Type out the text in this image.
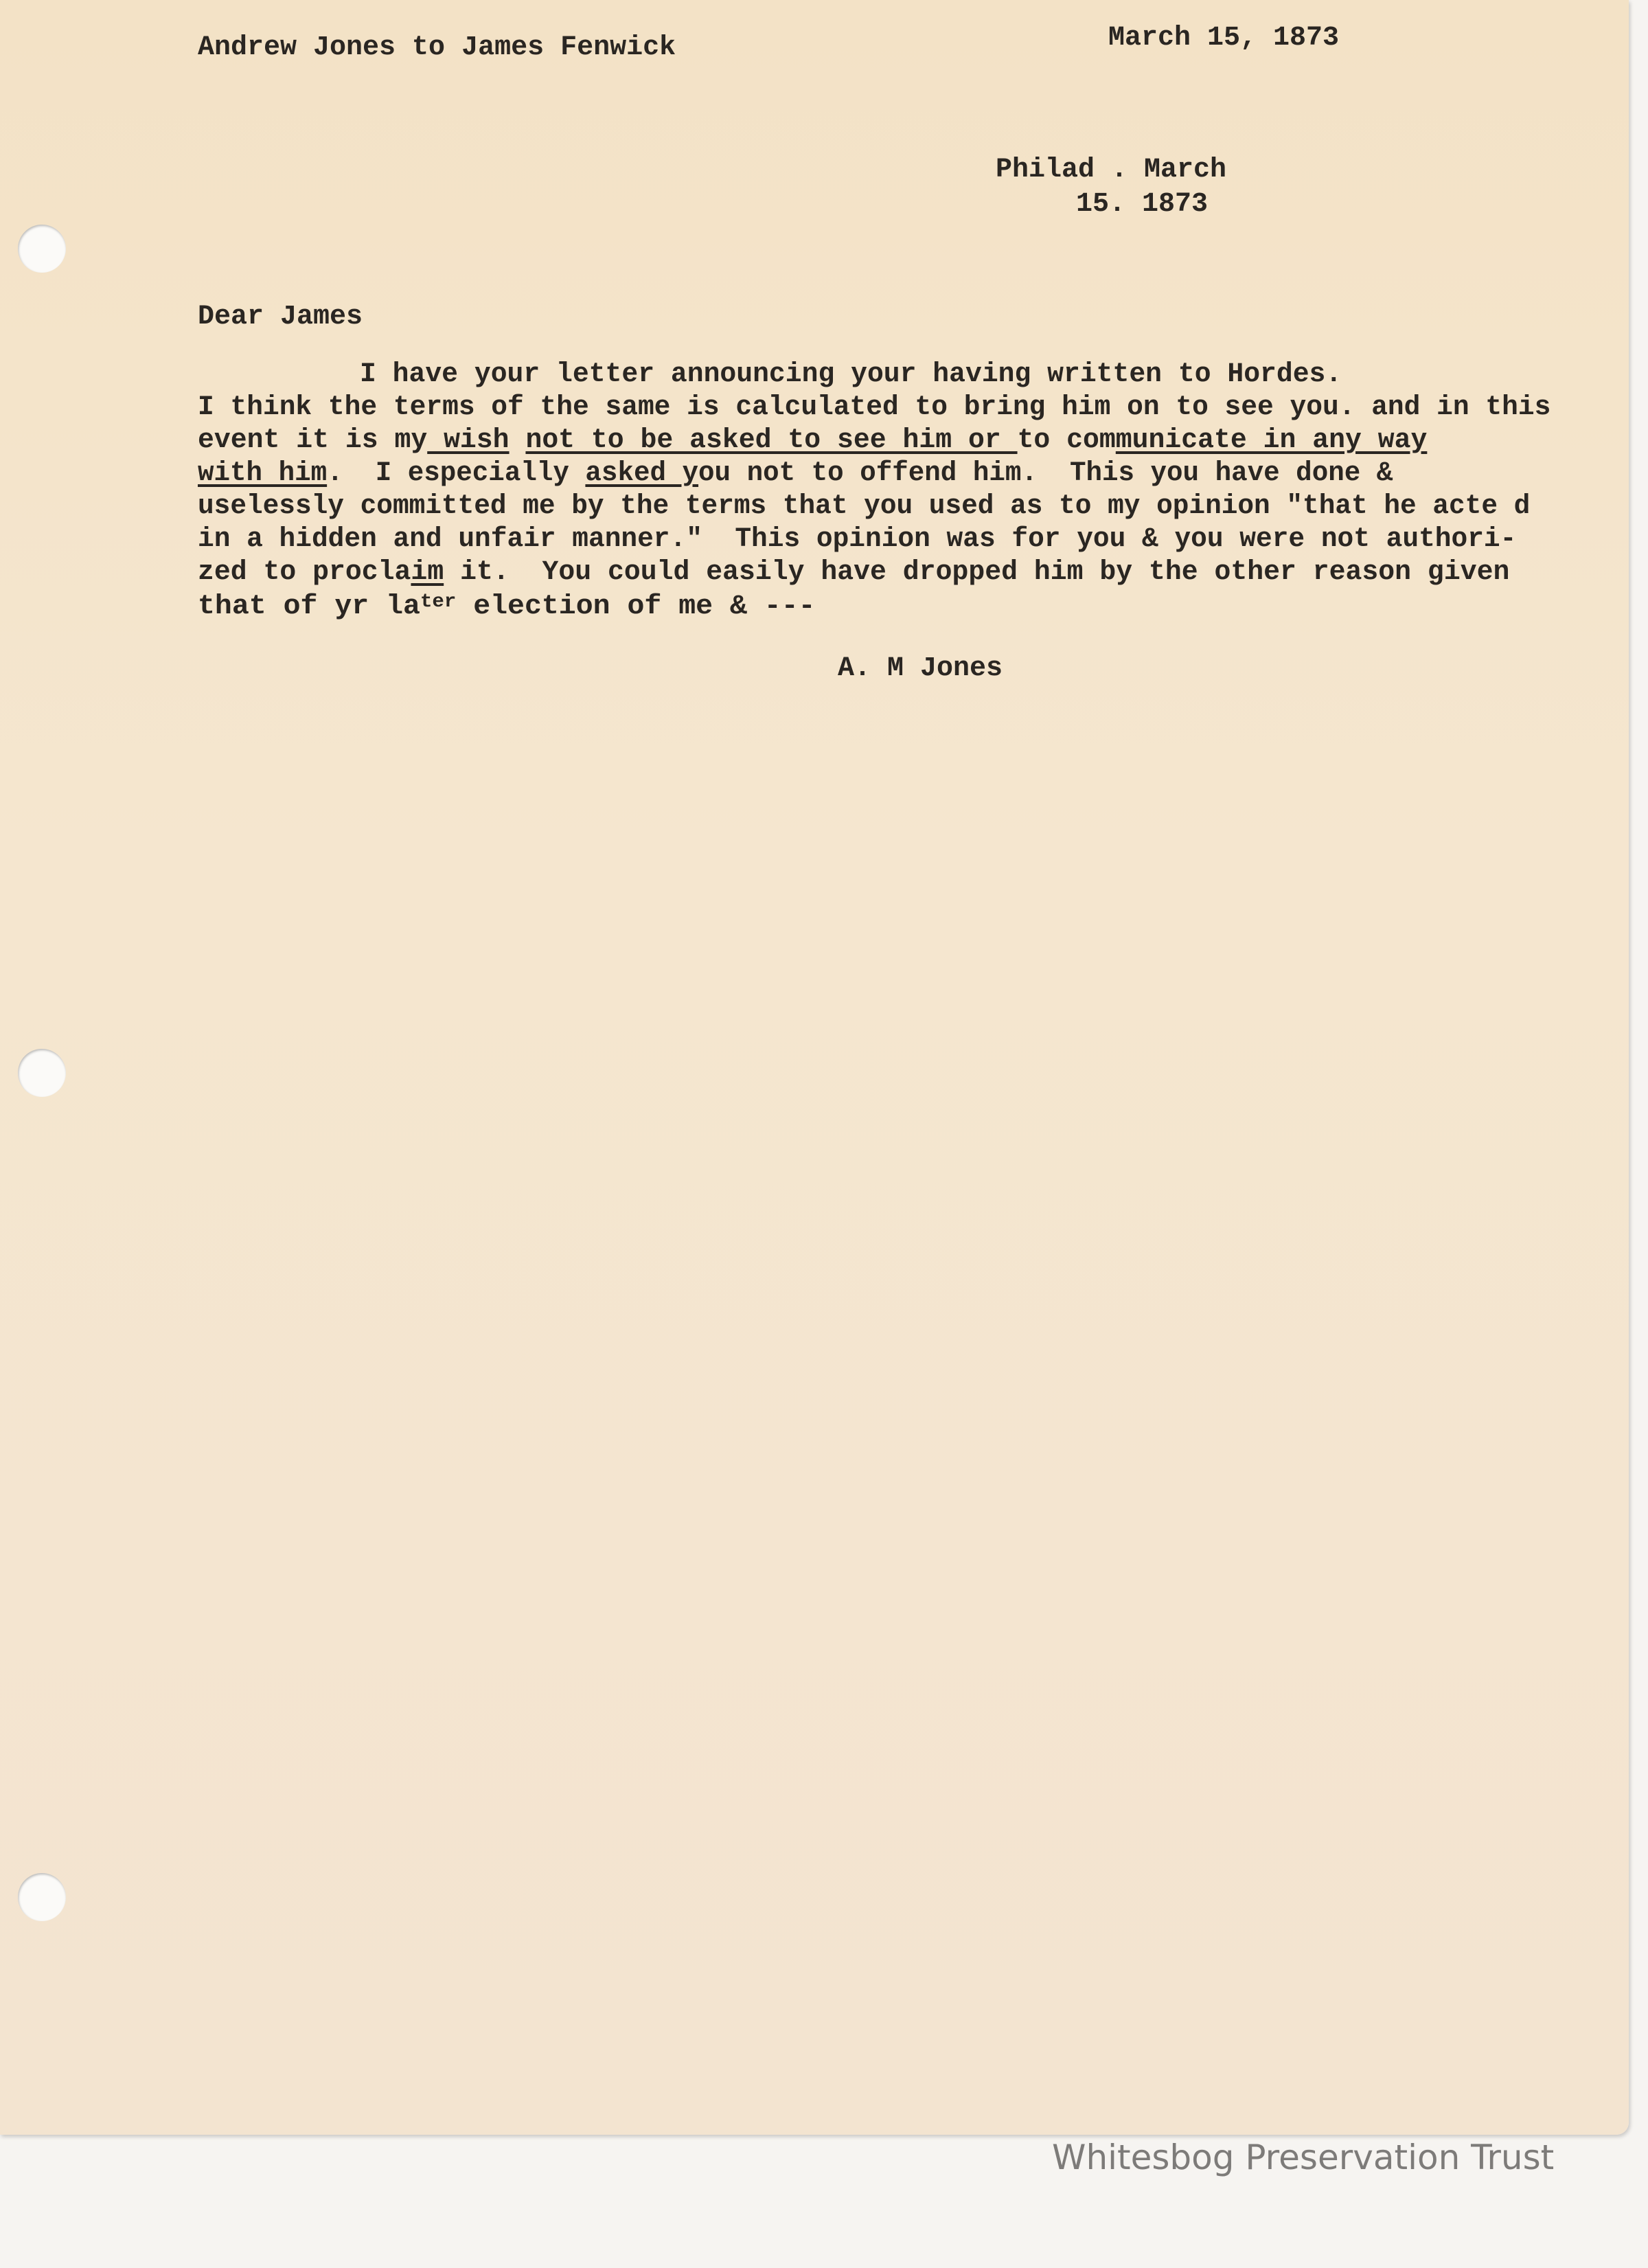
Andrew Jones to James Fenwick	March 15, 1873
Philad . March
15. 1873
Dear James
I have your letter announcing your having written to Hordes.
I think the terms of the same is calculated to bring him on to see you. and in this
event it is my wish not to be asked to see him or to communicate in any way
with him.  I especially asked you not to offend him.  This you have done &
uselessly committed me by the terms that you used as to my opinion "that he acte d
in a hidden and unfair manner."  This opinion was for you & you were not authori-
zed to proclaim it.  You could easily have dropped him by the other reason given
that of yr $la^{ter}$ election of me & ---
A. M Jones
Whitesbog Preservation Trust
